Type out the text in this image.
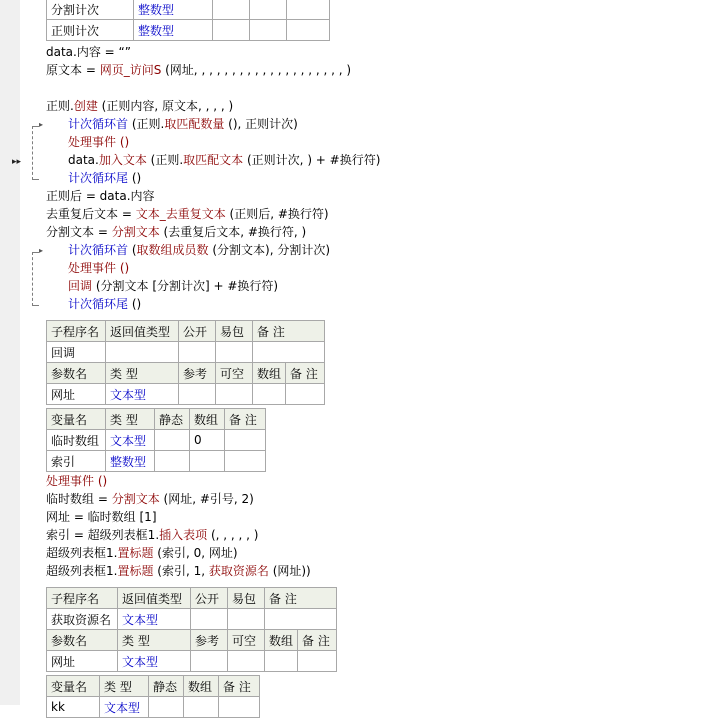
分割计次	整数型			
正则计次	整数型			
data.内容 = “”
原文本 = 网页_访问S (网址, , , , , , , , , , , , , , , , , , , , )
正则.创建 (正则内容, 原文本, , , , )
▸ 计次循环首 (正则.取匹配数量 (), 正则计次)
处理事件 ()
▸▸	data.加入文本 (正则.取匹配文本 (正则计次, ) + #换行符)
计次循环尾 ()
正则后 = data.内容
去重复后文本 = 文本_去重复文本 (正则后, #换行符)
分割文本 = 分割文本 (去重复后文本, #换行符, )
▸ 计次循环首 (取数组成员数 (分割文本), 分割计次)
处理事件 ()
回调 (分割文本 [分割计次] + #换行符)
计次循环尾 ()
子程序名	返回值类型	公开	易包	备 注	
回调					
参数名	类 型	参考	可空	数组	备 注
网址	文本型				
变量名	类 型	静态	数组	备 注
临时数组	文本型		0	
索引	整数型			
处理事件 ()
临时数组 = 分割文本 (网址, #引号, 2)
网址 = 临时数组 [1]
索引 = 超级列表框1.插入表项 (, , , , , )
超级列表框1.置标题 (索引, 0, 网址)
超级列表框1.置标题 (索引, 1, 获取资源名 (网址))
子程序名	返回值类型	公开	易包	备 注	
获取资源名	文本型				
参数名	类 型	参考	可空	数组	备 注
网址	文本型				
变量名	类 型	静态	数组	备 注
kk	文本型			
